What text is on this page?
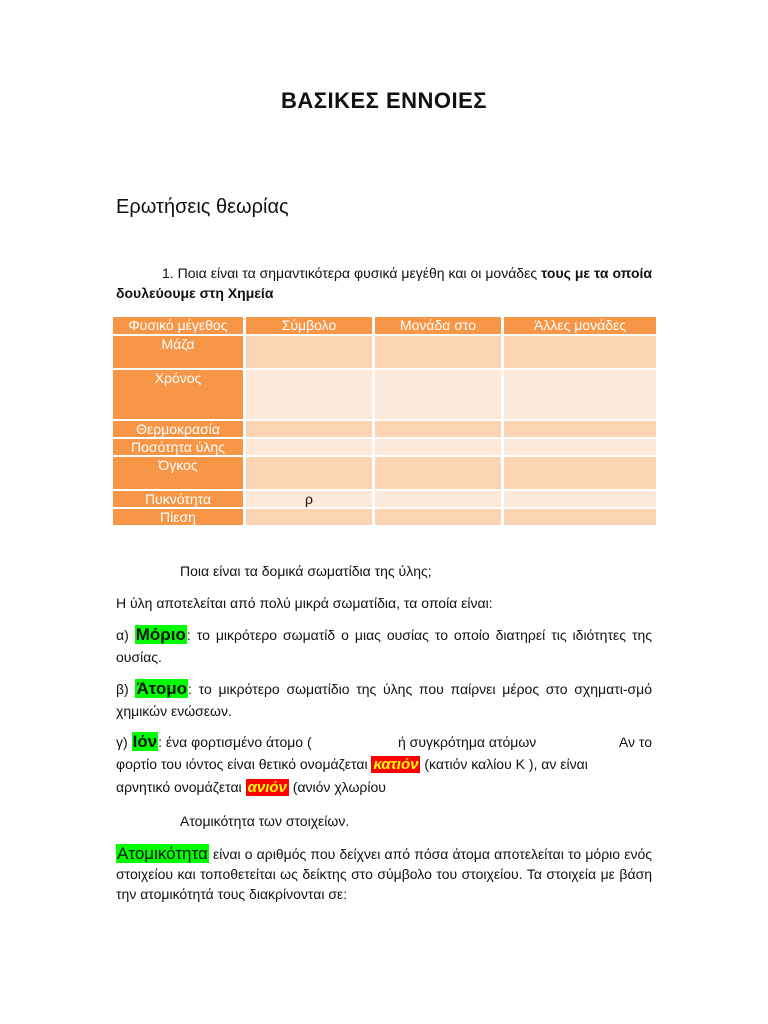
ΒΑΣΙΚΕΣ ΕΝΝΟΙΕΣ
Ερωτήσεις θεωρίας
1. Ποια είναι τα σημαντικότερα φυσικά μεγέθη και οι μονάδες τους με τα οποία δουλεύουμε στη Χημεία
Φυσικό μέγεθος	Σύμβολο	Μονάδα στο	Άλλες μονάδες
Μάζα			
Χρόνος			
Θερμοκρασία			
Ποσότητα ύλης			
Όγκος			
Πυκνότητα	ρ		
Πίεση			
Ποια είναι τα δομικά σωματίδια της ύλης;
Η ύλη αποτελείται από πολύ μικρά σωματίδια, τα οποία είναι:
α) Μόριο: το μικρότερο σωματίδ ο μιας ουσίας το οποίο διατηρεί τις ιδιότητες της ουσίας.
β) Άτομο: το μικρότερο σωματίδιο της ύλης που παίρνει μέρος στο σχηματι-σμό χημικών ενώσεων.
γ) Ιόν: ένα φορτισμένο άτομο (	ή συγκρότημα ατόμων	Αν το
φορτίο του ιόντος είναι θετικό ονομάζεται κατιόν (κατιόν καλίου Κ ), αν είναι
αρνητικό ονομάζεται ανιόν (ανιόν χλωρίου
Ατομικότητα των στοιχείων.
Ατομικότητα είναι ο αριθμός που δείχνει από πόσα άτομα αποτελείται το μόριο ενός στοιχείου και τοποθετείται ως δείκτης στο σύμβολο του στοιχείου. Τα στοιχεία με βάση την ατομικότητά τους διακρίνονται σε:
